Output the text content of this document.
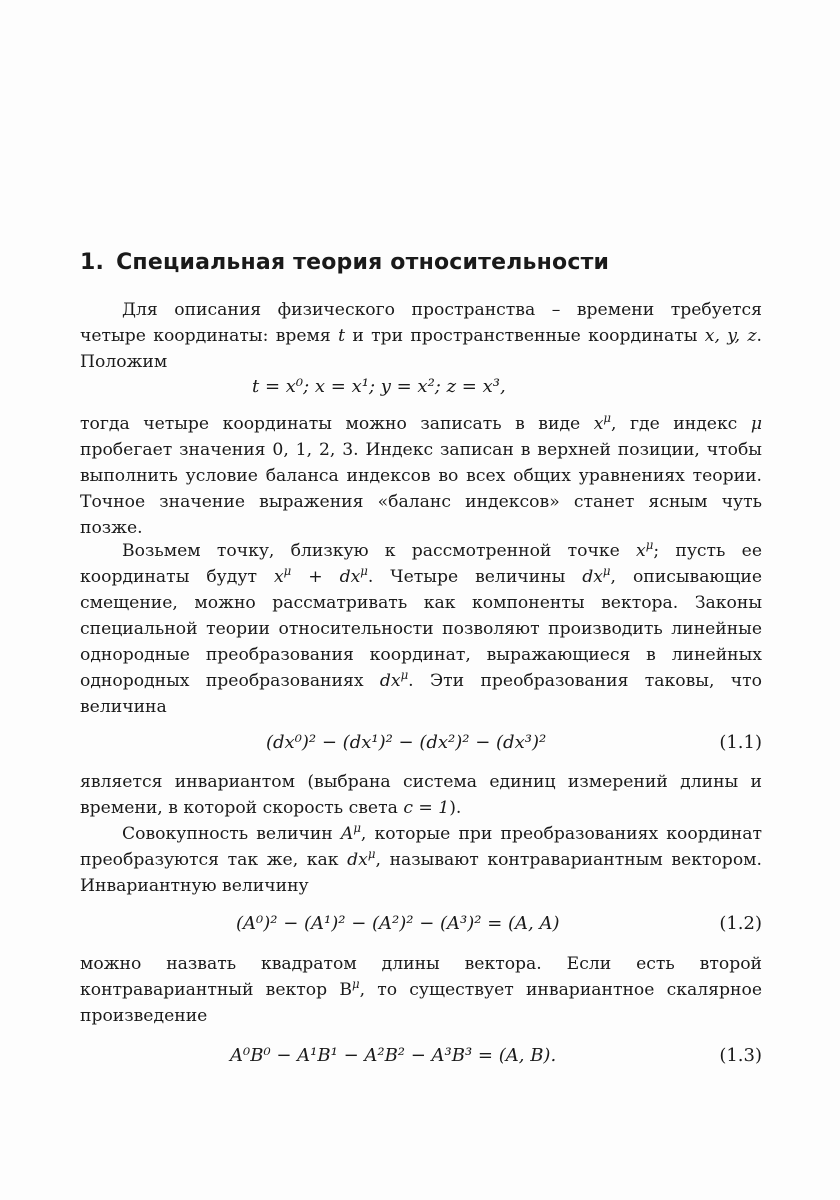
1. Специальная теория относительности

Для описания физического пространства – времени требуется четыре координаты: время t и три пространственные координаты x, y, z. Положим

t = x⁰; x = x¹; y = x²; z = x³,

тогда четыре координаты можно записать в виде $x^\mu$, где индекс μ пробегает значения 0, 1, 2, 3. Индекс записан в верхней позиции, чтобы выполнить условие баланса индексов во всех общих уравнениях теории. Точное значение выражения «баланс индексов» станет ясным чуть позже.

Возьмем точку, близкую к рассмотренной точке $x^\mu$; пусть ее координаты будут $x^\mu + dx^\mu$. Четыре величины $dx^\mu$, описывающие смещение, можно рассматривать как компоненты вектора. Законы специальной теории относительности позволяют производить линейные однородные преобразования координат, выражающиеся в линейных однородных преобразованиях $dx^\mu$. Эти преобразования таковы, что величина

(dx⁰)² − (dx¹)² − (dx²)² − (dx³)²	(1.1)

является инвариантом (выбрана система единиц измерений длины и времени, в которой скорость света c = 1).

Совокупность величин $A^\mu$, которые при преобразованиях координат преобразуются так же, как $dx^\mu$, называют контравариантным вектором. Инвариантную величину

(A⁰)² − (A¹)² − (A²)² − (A³)² = (A, A)	(1.2)

можно назвать квадратом длины вектора. Если есть второй контравариантный вектор $B^\mu$, то существует инвариантное скалярное произведение

A⁰B⁰ − A¹B¹ − A²B² − A³B³ = (A, B).	(1.3)
